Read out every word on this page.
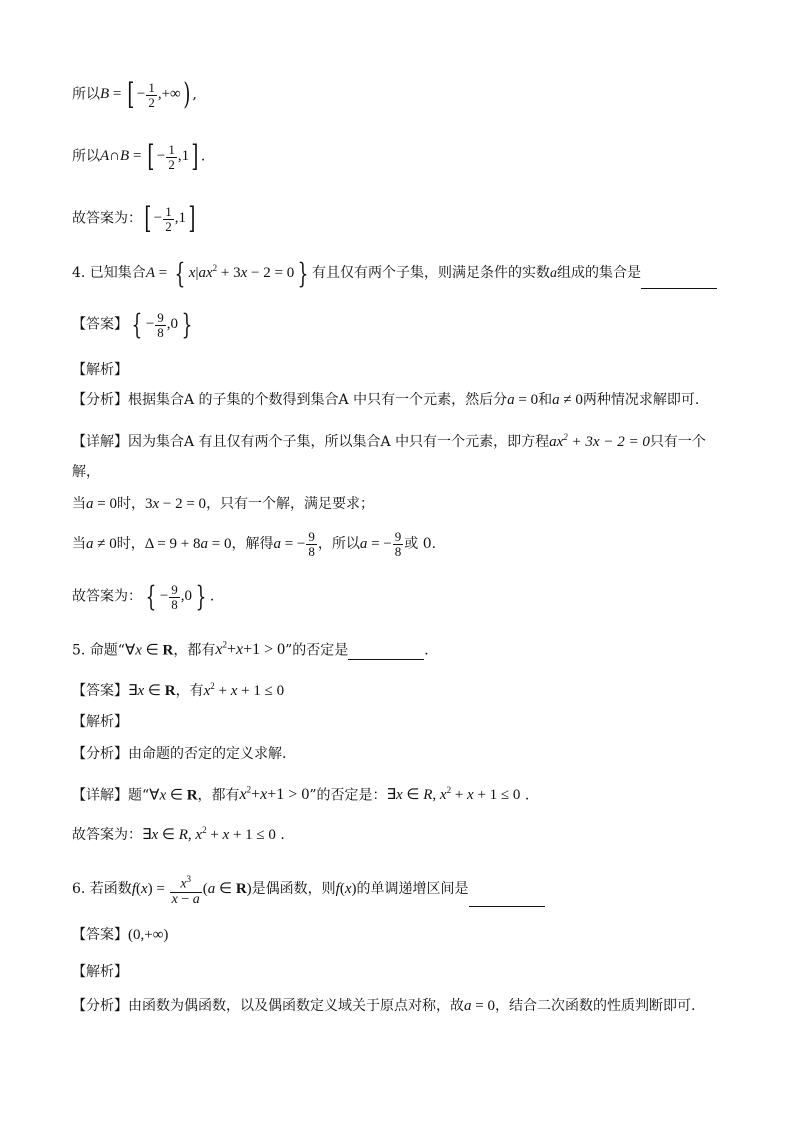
所以B = [ − $\frac{1}{2}$ ,+∞) ,
所以A∩B = [ − $\frac{1}{2} ,1$] .
故答案为：[ − $\frac{1}{2} ,1$]
4. 已知集合A = { $x|ax^2 + 3x - 2 = 0$ } 有且仅有两个子集，则满足条件的实数a组成的集合是
【答案】 { − $\frac{9}{8} ,0$ }
【解析】
【分析】根据集合A 的子集的个数得到集合A 中只有一个元素，然后分a = 0和a ≠ 0两种情况求解即可.
【详解】因为集合A 有且仅有两个子集，所以集合A 中只有一个元素，即方程$ax^2 + 3x - 2 = 0$只有一个
解，
当a = 0时，3x − 2 = 0，只有一个解，满足要求；
当a ≠ 0时，Δ = 9 + 8a = 0，解得a = − $\frac{9}{8}$ ，所以a = − $\frac{9}{8}$ 或 0.
故答案为： { − $\frac{9}{8} ,0$ } .
5. 命题“∀x ∈ R，都有$x^2+x+1 > 0$”的否定是	.
【答案】∃x ∈ R，有$x^2 + x + 1 \le 0$
【解析】
【分析】由命题的否定的定义求解．
【详解】题“∀x ∈ R，都有$x^2+x+1 > 0$”的否定是：∃x ∈ R, $x^2 + x + 1 \le 0$ .
故答案为：∃x ∈ R, $x^2 + x + 1 \le 0$ .
6. 若函数$f(x) = \frac{x^3}{x - a} (a$ ∈ R)是偶函数，则f(x)的单调递增区间是
【答案】(0,+∞)
【解析】
【分析】由函数为偶函数，以及偶函数定义域关于原点对称，故a = 0，结合二次函数的性质判断即可.
